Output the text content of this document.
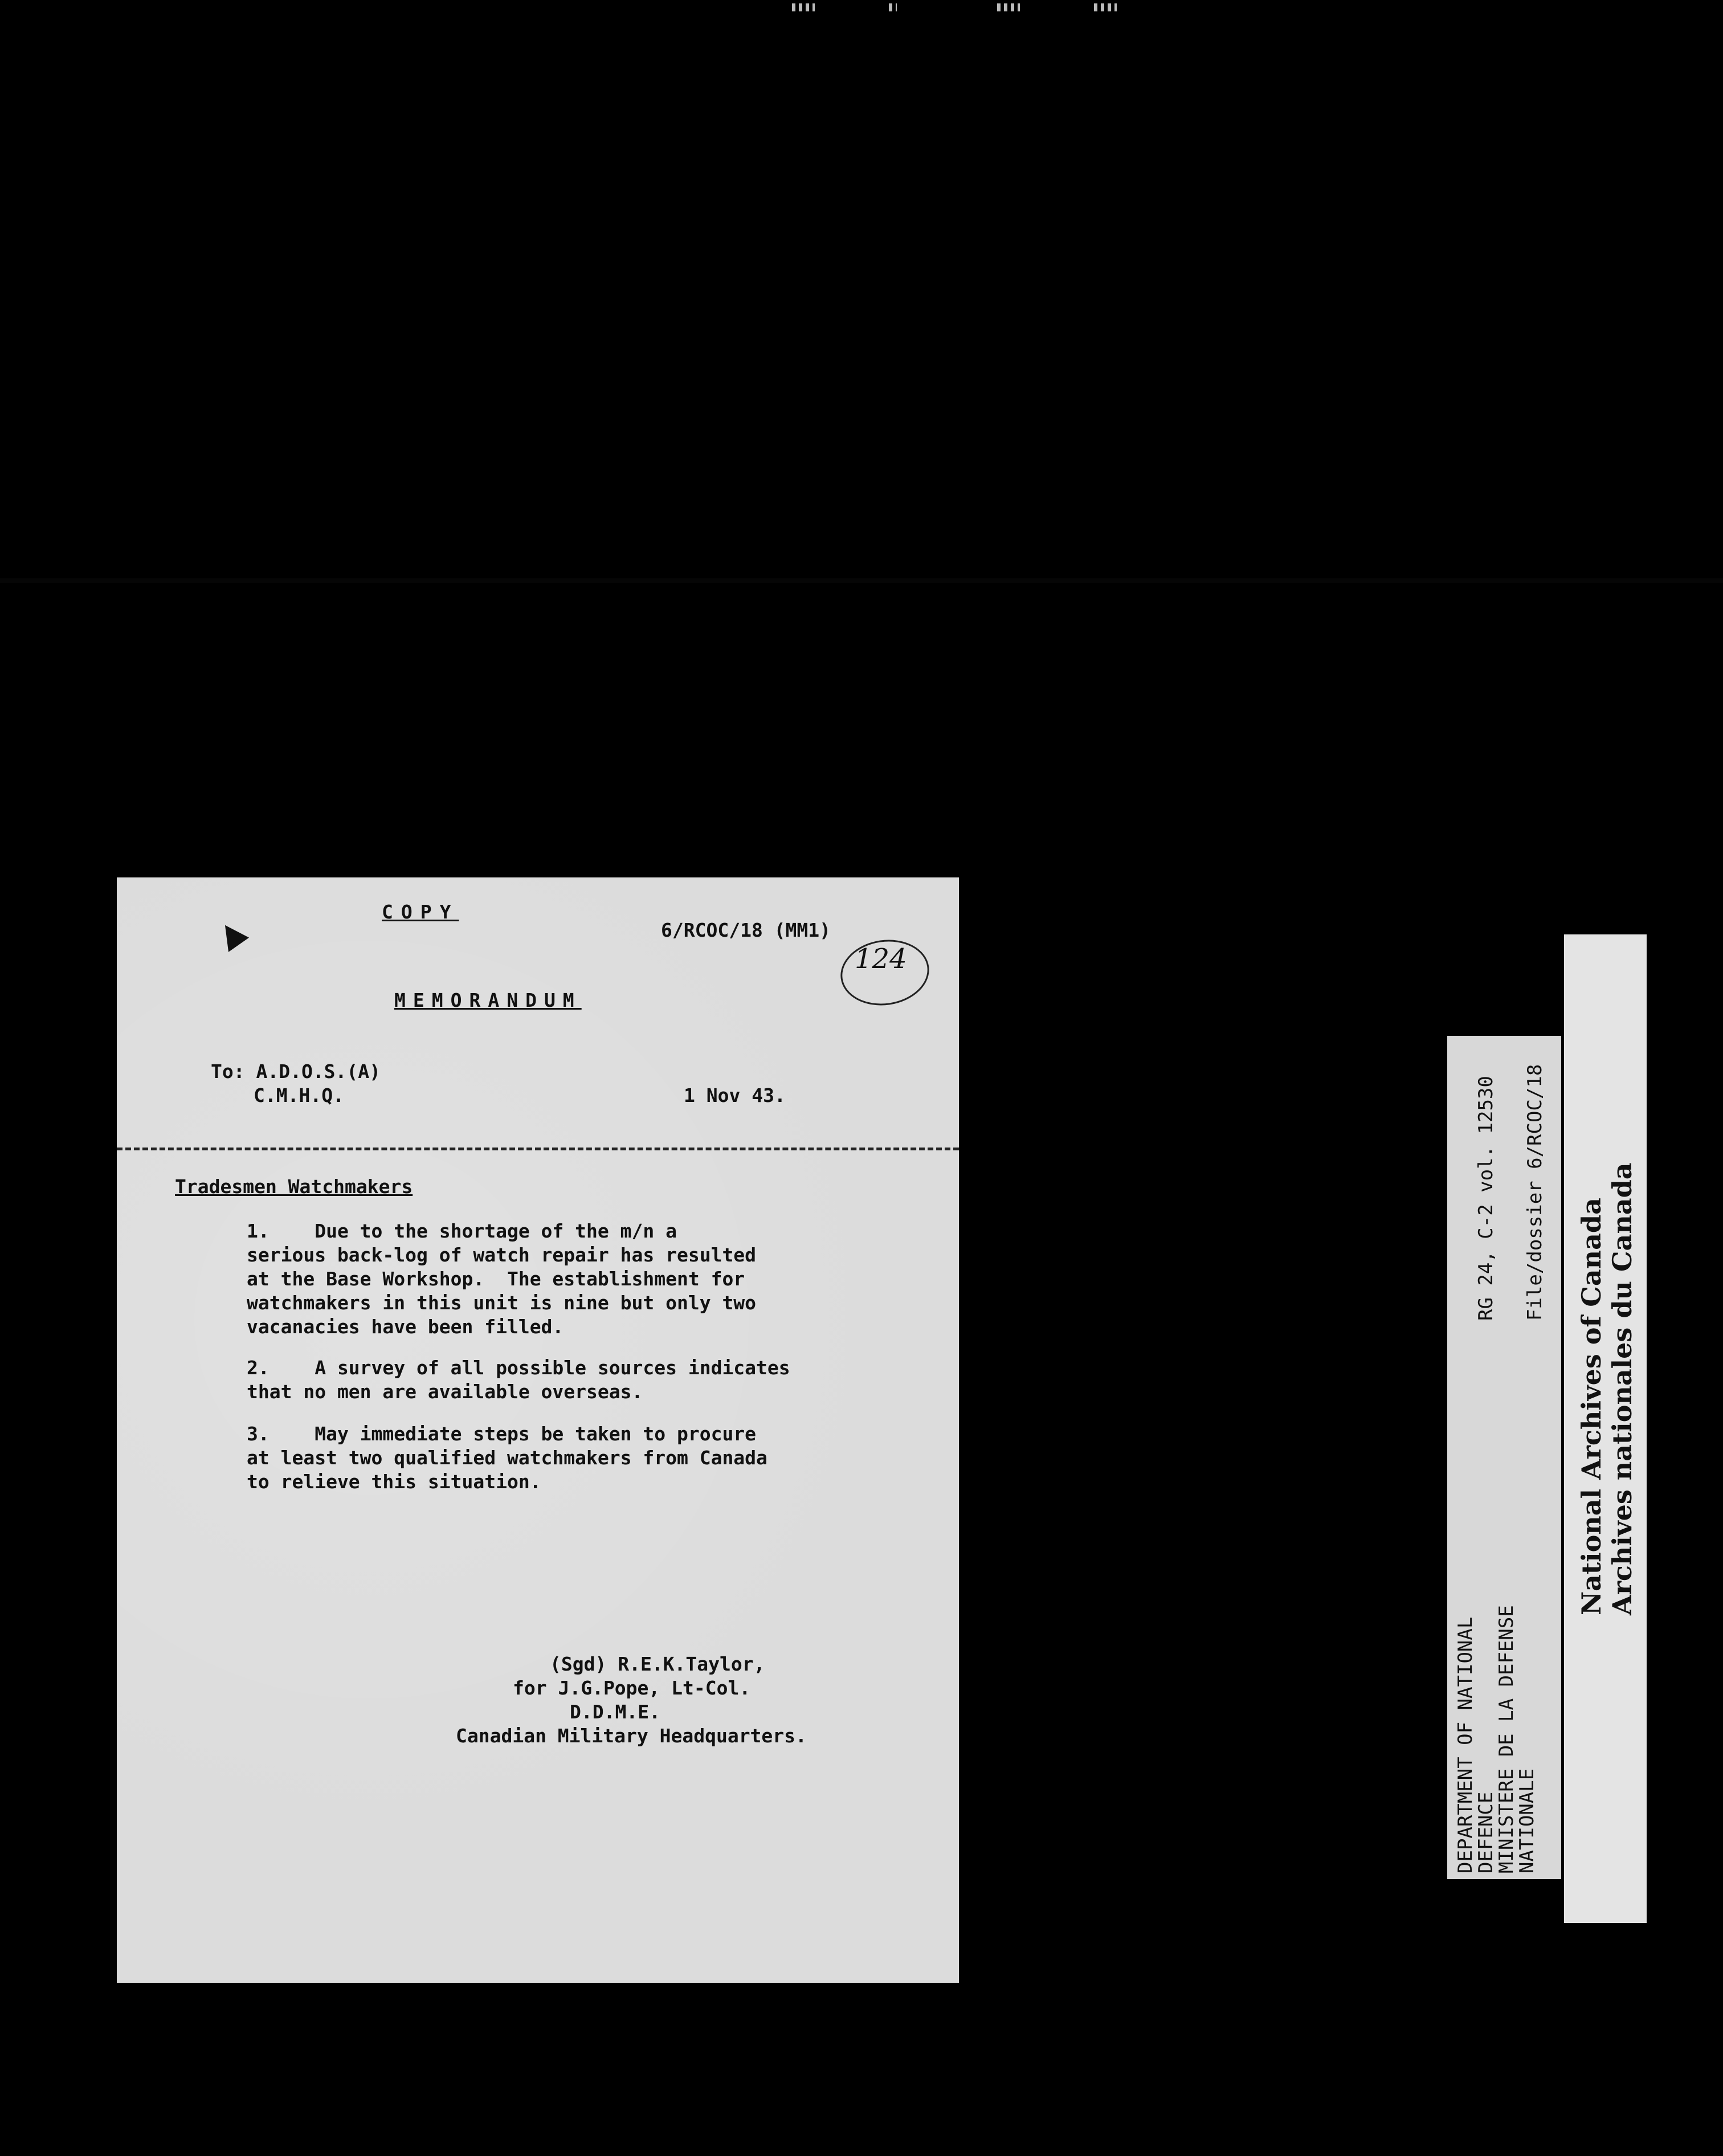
COPY
6/RCOC/18 (MM1)
124
MEMORANDUM
To: A.D.O.S.(A)
C.M.H.Q.	1 Nov 43.
Tradesmen Watchmakers
1.    Due to the shortage of the m/n a
serious back-log of watch repair has resulted
at the Base Workshop.  The establishment for
watchmakers in this unit is nine but only two
vacanacies have been filled.
2.    A survey of all possible sources indicates
that no men are available overseas.
3.    May immediate steps be taken to procure
at least two qualified watchmakers from Canada
to relieve this situation.
(Sgd) R.E.K.Taylor,
for J.G.Pope, Lt-Col.
D.D.M.E.
Canadian Military Headquarters.	DEPARTMENT OF NATIONAL
DEFENCE
MINISTERE DE LA DEFENSE
NATIONALE
RG 24, C-2 vol. 12530 File/dossier 6/RCOC/18
National Archives of Canada Archives nationales du Canada
